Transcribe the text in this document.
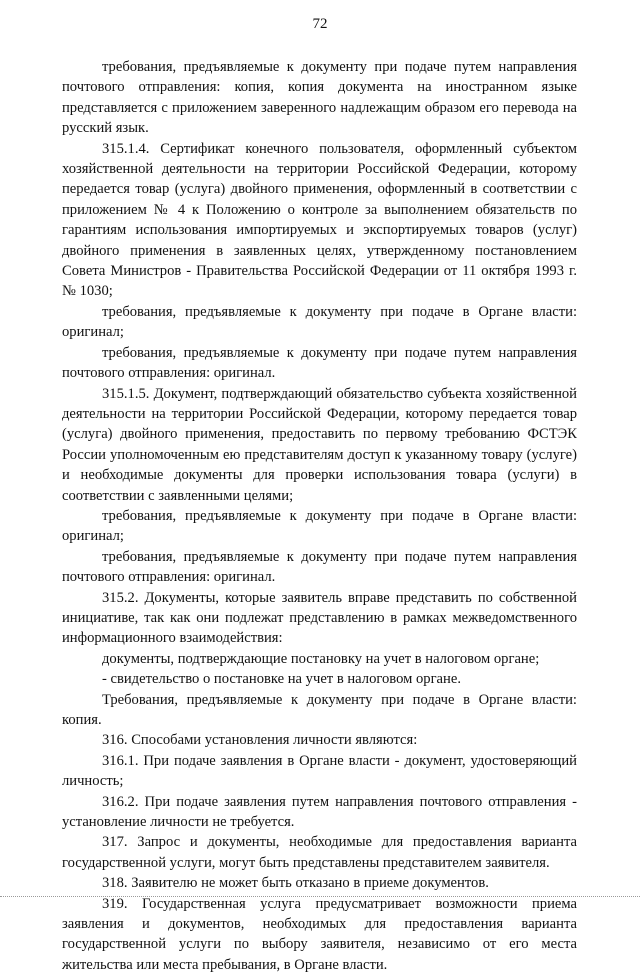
72

требования, предъявляемые к документу при подаче путем направления почтового отправления: копия, копия документа на иностранном языке представляется с приложением заверенного надлежащим образом его перевода на русский язык.

315.1.4. Сертификат конечного пользователя, оформленный субъектом хозяйственной деятельности на территории Российской Федерации, которому передается товар (услуга) двойного применения, оформленный в соответствии с приложением № 4 к Положению о контроле за выполнением обязательств по гарантиям использования импортируемых и экспортируемых товаров (услуг) двойного применения в заявленных целях, утвержденному постановлением Совета Министров - Правительства Российской Федерации от 11 октября 1993 г. № 1030;

требования, предъявляемые к документу при подаче в Органе власти: оригинал;

требования, предъявляемые к документу при подаче путем направления почтового отправления: оригинал.

315.1.5. Документ, подтверждающий обязательство субъекта хозяйственной деятельности на территории Российской Федерации, которому передается товар (услуга) двойного применения, предоставить по первому требованию ФСТЭК России уполномоченным ею представителям доступ к указанному товару (услуге) и необходимые документы для проверки использования товара (услуги) в соответствии с заявленными целями;

требования, предъявляемые к документу при подаче в Органе власти: оригинал;

требования, предъявляемые к документу при подаче путем направления почтового отправления: оригинал.

315.2. Документы, которые заявитель вправе представить по собственной инициативе, так как они подлежат представлению в рамках межведомственного информационного взаимодействия:

документы, подтверждающие постановку на учет в налоговом органе;

- свидетельство о постановке на учет в налоговом органе.

Требования, предъявляемые к документу при подаче в Органе власти: копия.

316. Способами установления личности являются:

316.1. При подаче заявления в Органе власти - документ, удостоверяющий личность;

316.2. При подаче заявления путем направления почтового отправления - установление личности не требуется.

317. Запрос и документы, необходимые для предоставления варианта государственной услуги, могут быть представлены представителем заявителя.

318. Заявителю не может быть отказано в приеме документов.

319. Государственная услуга предусматривает возможности приема заявления и документов, необходимых для предоставления варианта государственной услуги по выбору заявителя, независимо от его места жительства или места пребывания, в Органе власти.
